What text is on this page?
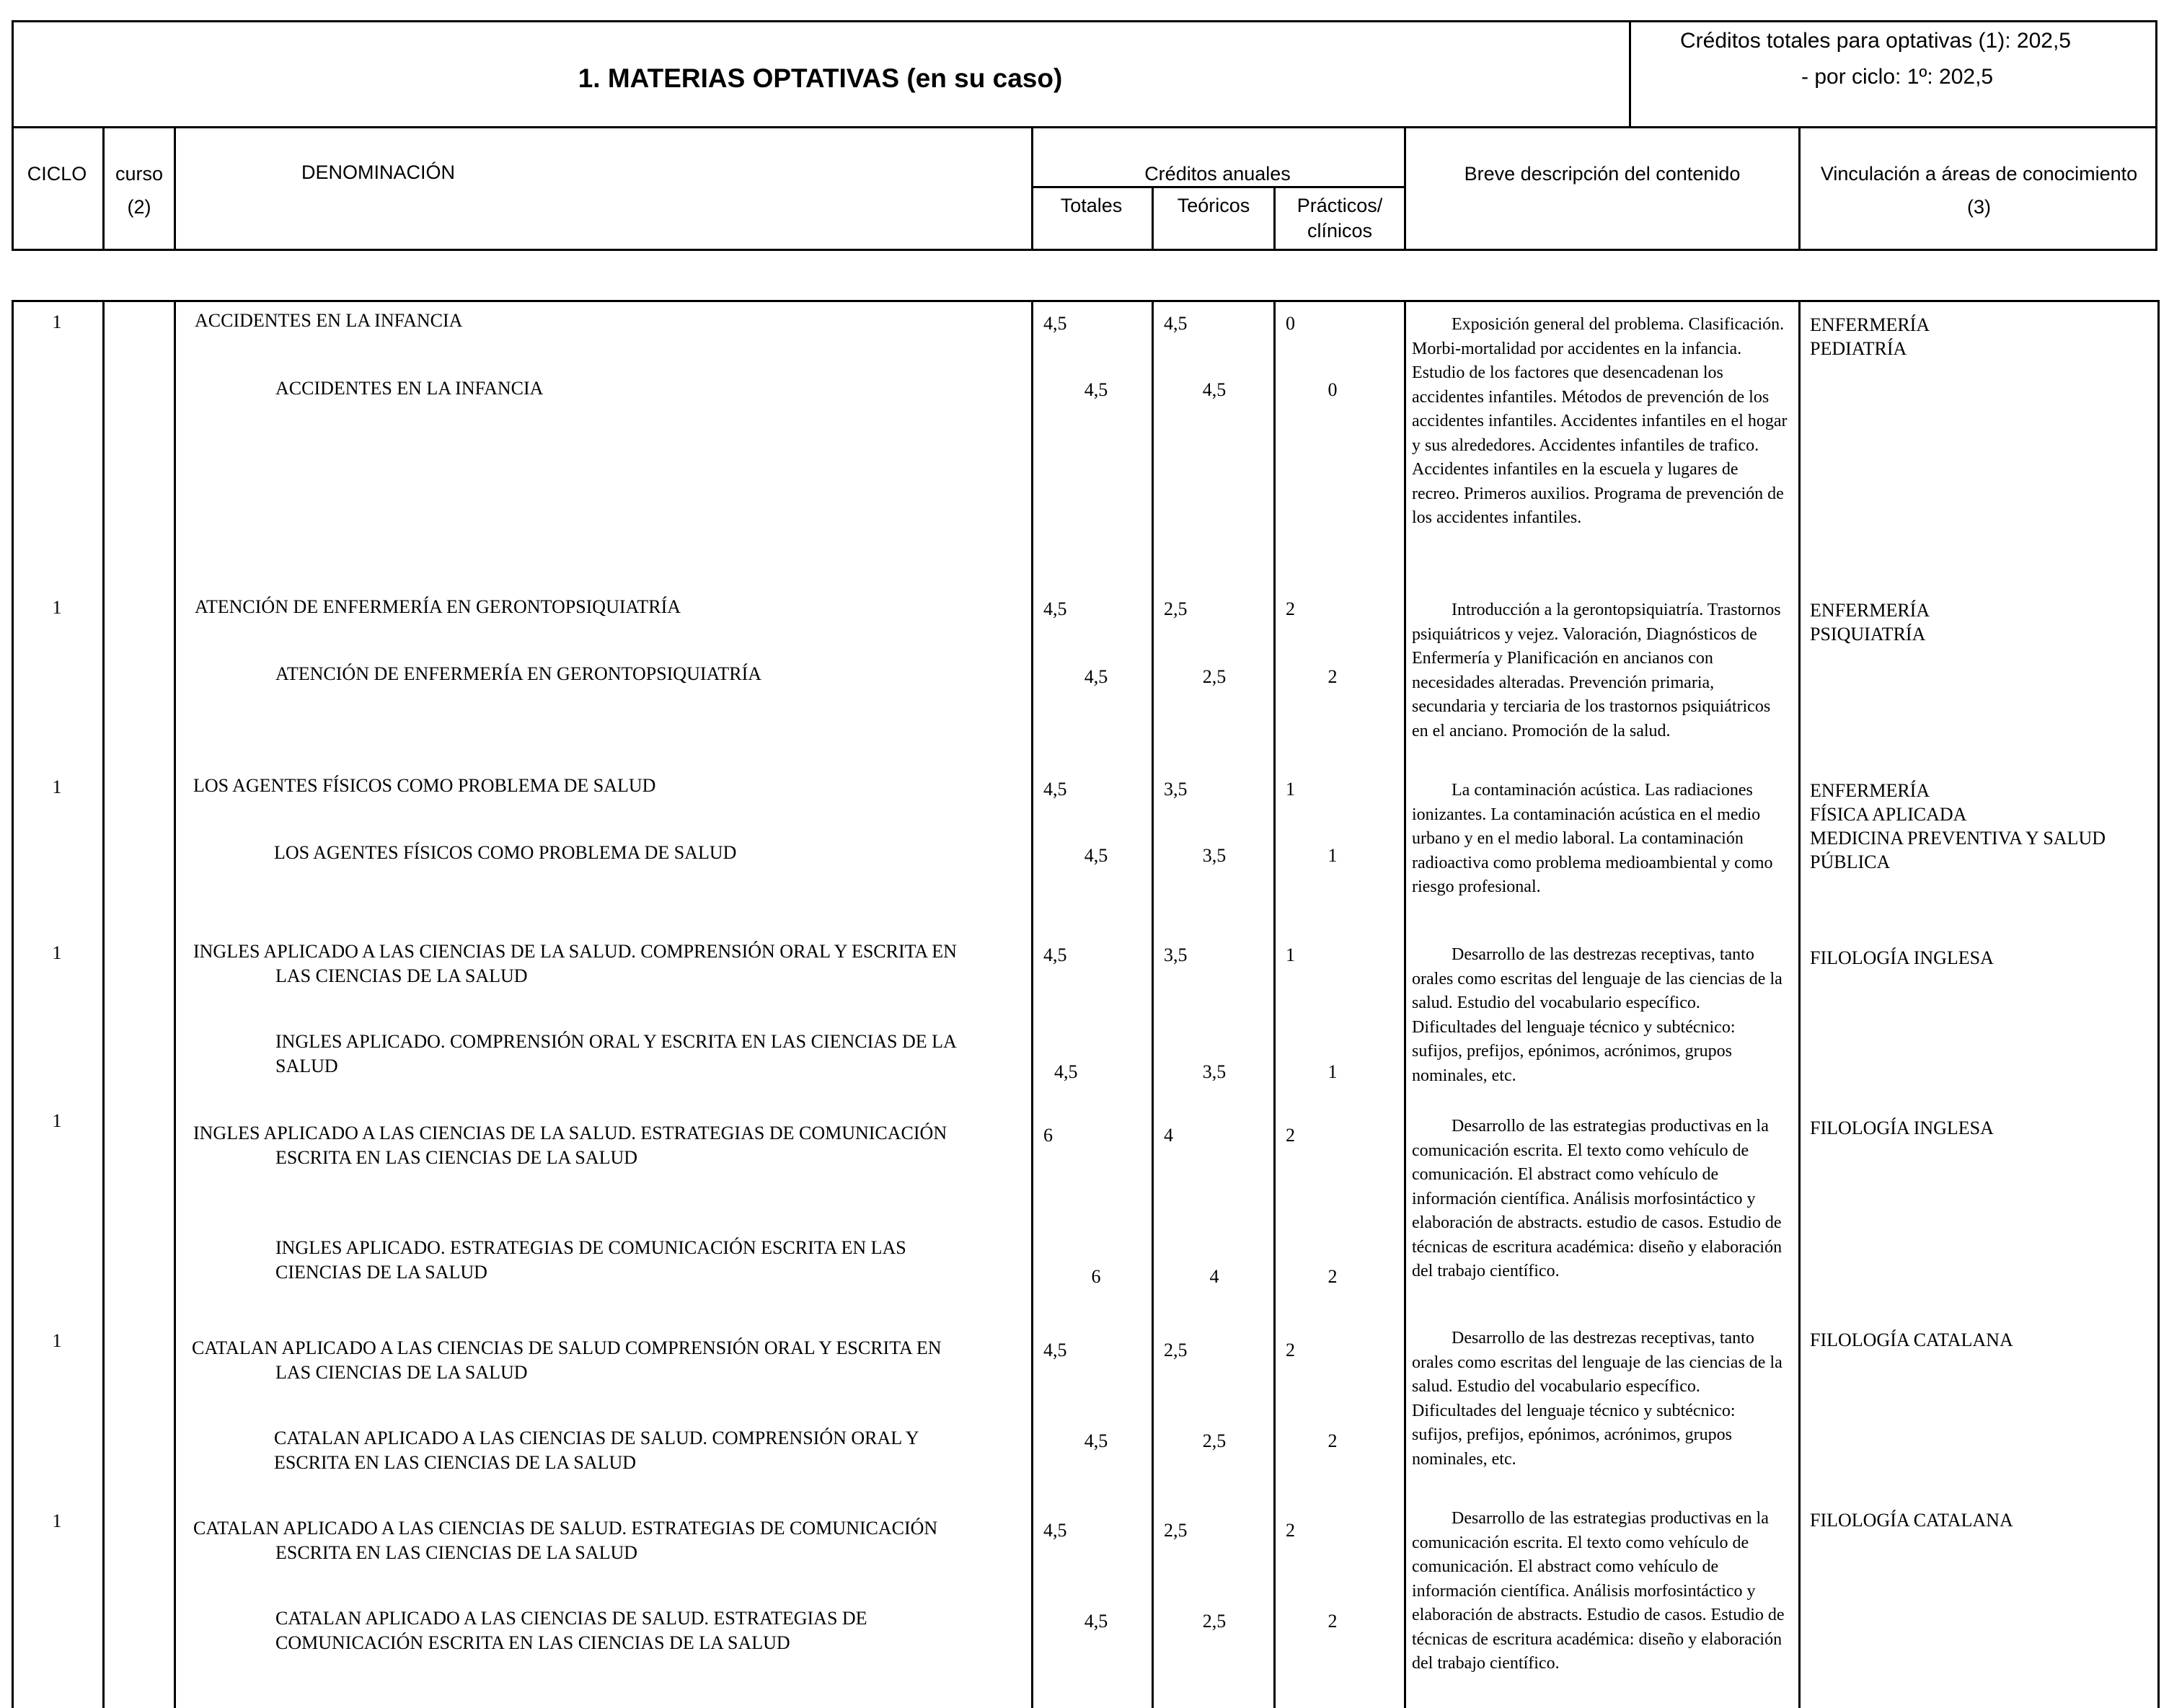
1. MATERIAS OPTATIVAS (en su caso)
Créditos totales para optativas (1): 202,5
- por ciclo: 1º: 202,5
CICLO	curso
(2)
DENOMINACIÓN	Créditos anuales
Totales	Teóricos	Prácticos/
clínicos
Breve descripción del contenido	Vinculación a áreas de conocimiento
(3)
1	ACCIDENTES EN LA INFANCIA	4,5	4,5	0
ACCIDENTES EN LA INFANCIA	4,5	4,5	0
Exposición general del problema. Clasificación. Morbi-mortalidad por accidentes en la infancia. Estudio de los factores que desencadenan los accidentes infantiles. Métodos de prevención de los accidentes infantiles. Accidentes infantiles en el hogar y sus alrededores. Accidentes infantiles de trafico. Accidentes infantiles en la escuela y lugares de recreo. Primeros auxilios. Programa de prevención de los accidentes infantiles.
ENFERMERÍA
PEDIATRÍA
1	ATENCIÓN DE ENFERMERÍA EN GERONTOPSIQUIATRÍA	4,5	2,5	2
ATENCIÓN DE ENFERMERÍA EN GERONTOPSIQUIATRÍA	4,5	2,5	2
Introducción a la gerontopsiquiatría. Trastornos psiquiátricos y vejez. Valoración, Diagnósticos de Enfermería y Planificación en ancianos con necesidades alteradas. Prevención primaria, secundaria y terciaria de los trastornos psiquiátricos en el anciano. Promoción de la salud.
ENFERMERÍA
PSIQUIATRÍA
1	LOS AGENTES FÍSICOS COMO PROBLEMA DE SALUD	4,5	3,5	1
LOS AGENTES FÍSICOS COMO PROBLEMA DE SALUD	4,5	3,5	1
La contaminación acústica. Las radiaciones ionizantes. La contaminación acústica en el medio urbano y en el medio laboral. La contaminación radioactiva como problema medioambiental y como riesgo profesional.
ENFERMERÍA
FÍSICA APLICADA
MEDICINA PREVENTIVA Y SALUD
PÚBLICA
1	INGLES APLICADO A LAS CIENCIAS DE LA SALUD. COMPRENSIÓN ORAL Y ESCRITA EN
LAS CIENCIAS DE LA SALUD
4,5	3,5	1
INGLES APLICADO. COMPRENSIÓN ORAL Y ESCRITA EN LAS CIENCIAS DE LA
SALUD	4,5	3,5	1
Desarrollo de las destrezas receptivas, tanto orales como escritas del lenguaje de las ciencias de la salud. Estudio del vocabulario específico. Dificultades del lenguaje técnico y subtécnico: sufijos, prefijos, epónimos, acrónimos, grupos nominales, etc.
FILOLOGÍA INGLESA
1
INGLES APLICADO A LAS CIENCIAS DE LA SALUD. ESTRATEGIAS DE COMUNICACIÓN
ESCRITA EN LAS CIENCIAS DE LA SALUD
6	4	2
INGLES APLICADO. ESTRATEGIAS DE COMUNICACIÓN ESCRITA EN LAS
CIENCIAS DE LA SALUD	6	4	2
Desarrollo de las estrategias productivas en la comunicación escrita. El texto como vehículo de comunicación. El abstract como vehículo de información científica. Análisis morfosintáctico y elaboración de abstracts. estudio de casos. Estudio de técnicas de escritura académica: diseño y elaboración del trabajo científico.
FILOLOGÍA INGLESA
1	CATALAN APLICADO A LAS CIENCIAS DE SALUD COMPRENSIÓN ORAL Y ESCRITA EN
LAS CIENCIAS DE LA SALUD
4,5	2,5	2
CATALAN APLICADO A LAS CIENCIAS DE SALUD. COMPRENSIÓN ORAL Y
ESCRITA EN LAS CIENCIAS DE LA SALUD
4,5	2,5	2
Desarrollo de las destrezas receptivas, tanto orales como escritas del lenguaje de las ciencias de la salud. Estudio del vocabulario específico. Dificultades del lenguaje técnico y subtécnico: sufijos, prefijos, epónimos, acrónimos, grupos nominales, etc.
FILOLOGÍA CATALANA
1	CATALAN APLICADO A LAS CIENCIAS DE SALUD. ESTRATEGIAS DE COMUNICACIÓN
ESCRITA EN LAS CIENCIAS DE LA SALUD
4,5	2,5	2
CATALAN APLICADO A LAS CIENCIAS DE SALUD. ESTRATEGIAS DE
COMUNICACIÓN ESCRITA EN LAS CIENCIAS DE LA SALUD
4,5	2,5	2
Desarrollo de las estrategias productivas en la comunicación escrita. El texto como vehículo de comunicación. El abstract como vehículo de información científica. Análisis morfosintáctico y elaboración de abstracts. Estudio de casos. Estudio de técnicas de escritura académica: diseño y elaboración del trabajo científico.
FILOLOGÍA CATALANA
